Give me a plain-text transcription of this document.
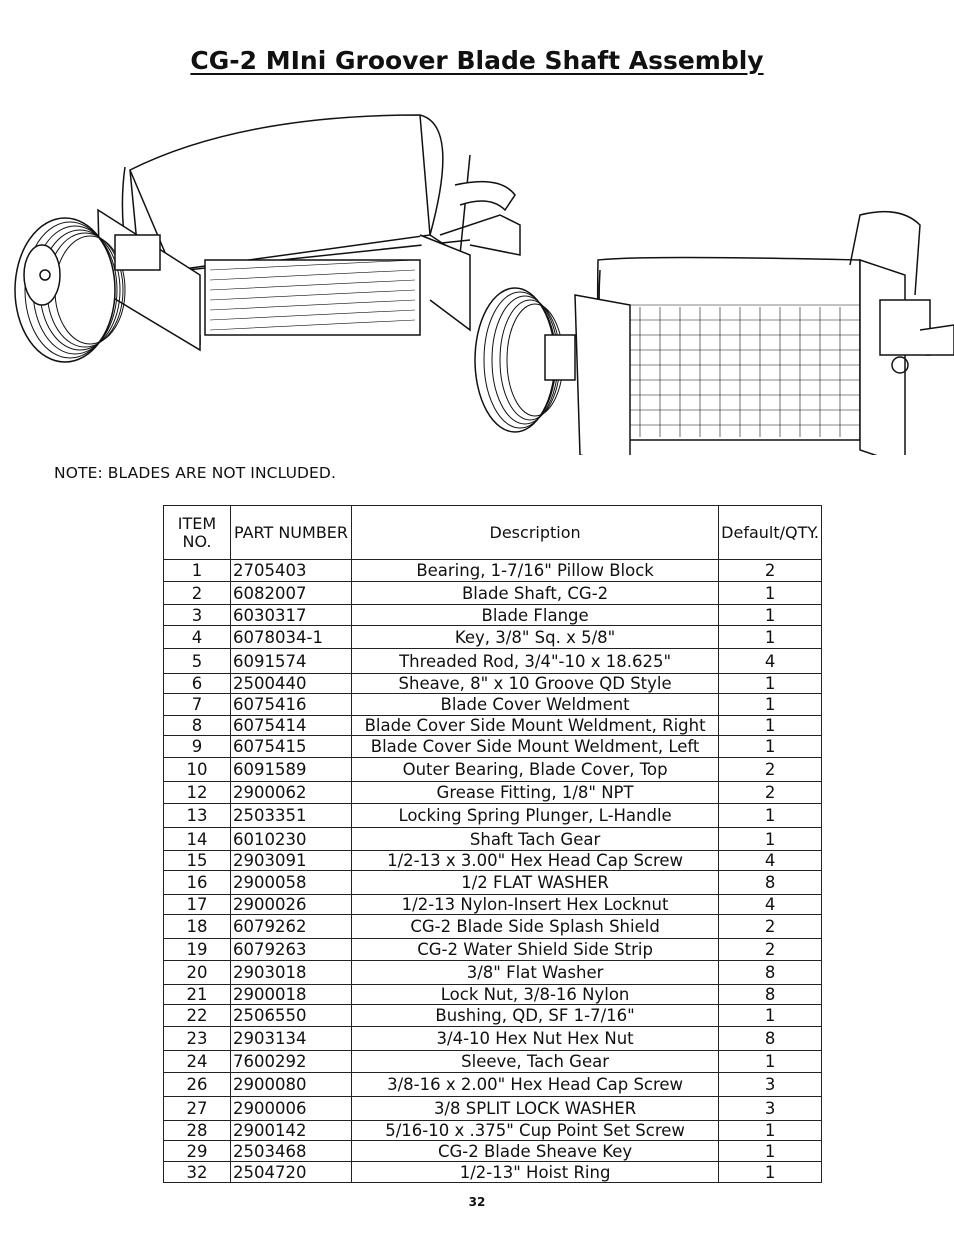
CG-2 MIni Groover Blade Shaft Assembly
NOTE: BLADES ARE NOT INCLUDED.
ITEM NO.	PART NUMBER	Description	Default/QTY.
1	2705403	Bearing, 1-7/16" Pillow Block	2
2	6082007	Blade Shaft, CG-2	1
3	6030317	Blade Flange	1
4	6078034-1	Key, 3/8" Sq. x 5/8"	1
5	6091574	Threaded Rod, 3/4"-10 x 18.625"	4
6	2500440	Sheave, 8" x 10 Groove QD Style	1
7	6075416	Blade Cover Weldment	1
8	6075414	Blade Cover Side Mount Weldment, Right	1
9	6075415	Blade Cover Side Mount Weldment, Left	1
10	6091589	Outer Bearing, Blade Cover, Top	2
12	2900062	Grease Fitting, 1/8" NPT	2
13	2503351	Locking Spring Plunger, L-Handle	1
14	6010230	Shaft Tach Gear	1
15	2903091	1/2-13 x 3.00" Hex Head Cap Screw	4
16	2900058	1/2 FLAT WASHER	8
17	2900026	1/2-13 Nylon-Insert Hex Locknut	4
18	6079262	CG-2 Blade Side Splash Shield	2
19	6079263	CG-2 Water Shield Side Strip	2
20	2903018	3/8" Flat Washer	8
21	2900018	Lock Nut, 3/8-16 Nylon	8
22	2506550	Bushing, QD, SF 1-7/16"	1
23	2903134	3/4-10 Hex Nut Hex Nut	8
24	7600292	Sleeve, Tach Gear	1
26	2900080	3/8-16 x 2.00" Hex Head Cap Screw	3
27	2900006	3/8 SPLIT LOCK WASHER	3
28	2900142	5/16-10 x .375" Cup Point Set Screw	1
29	2503468	CG-2 Blade Sheave Key	1
32	2504720	1/2-13" Hoist Ring	1
32
